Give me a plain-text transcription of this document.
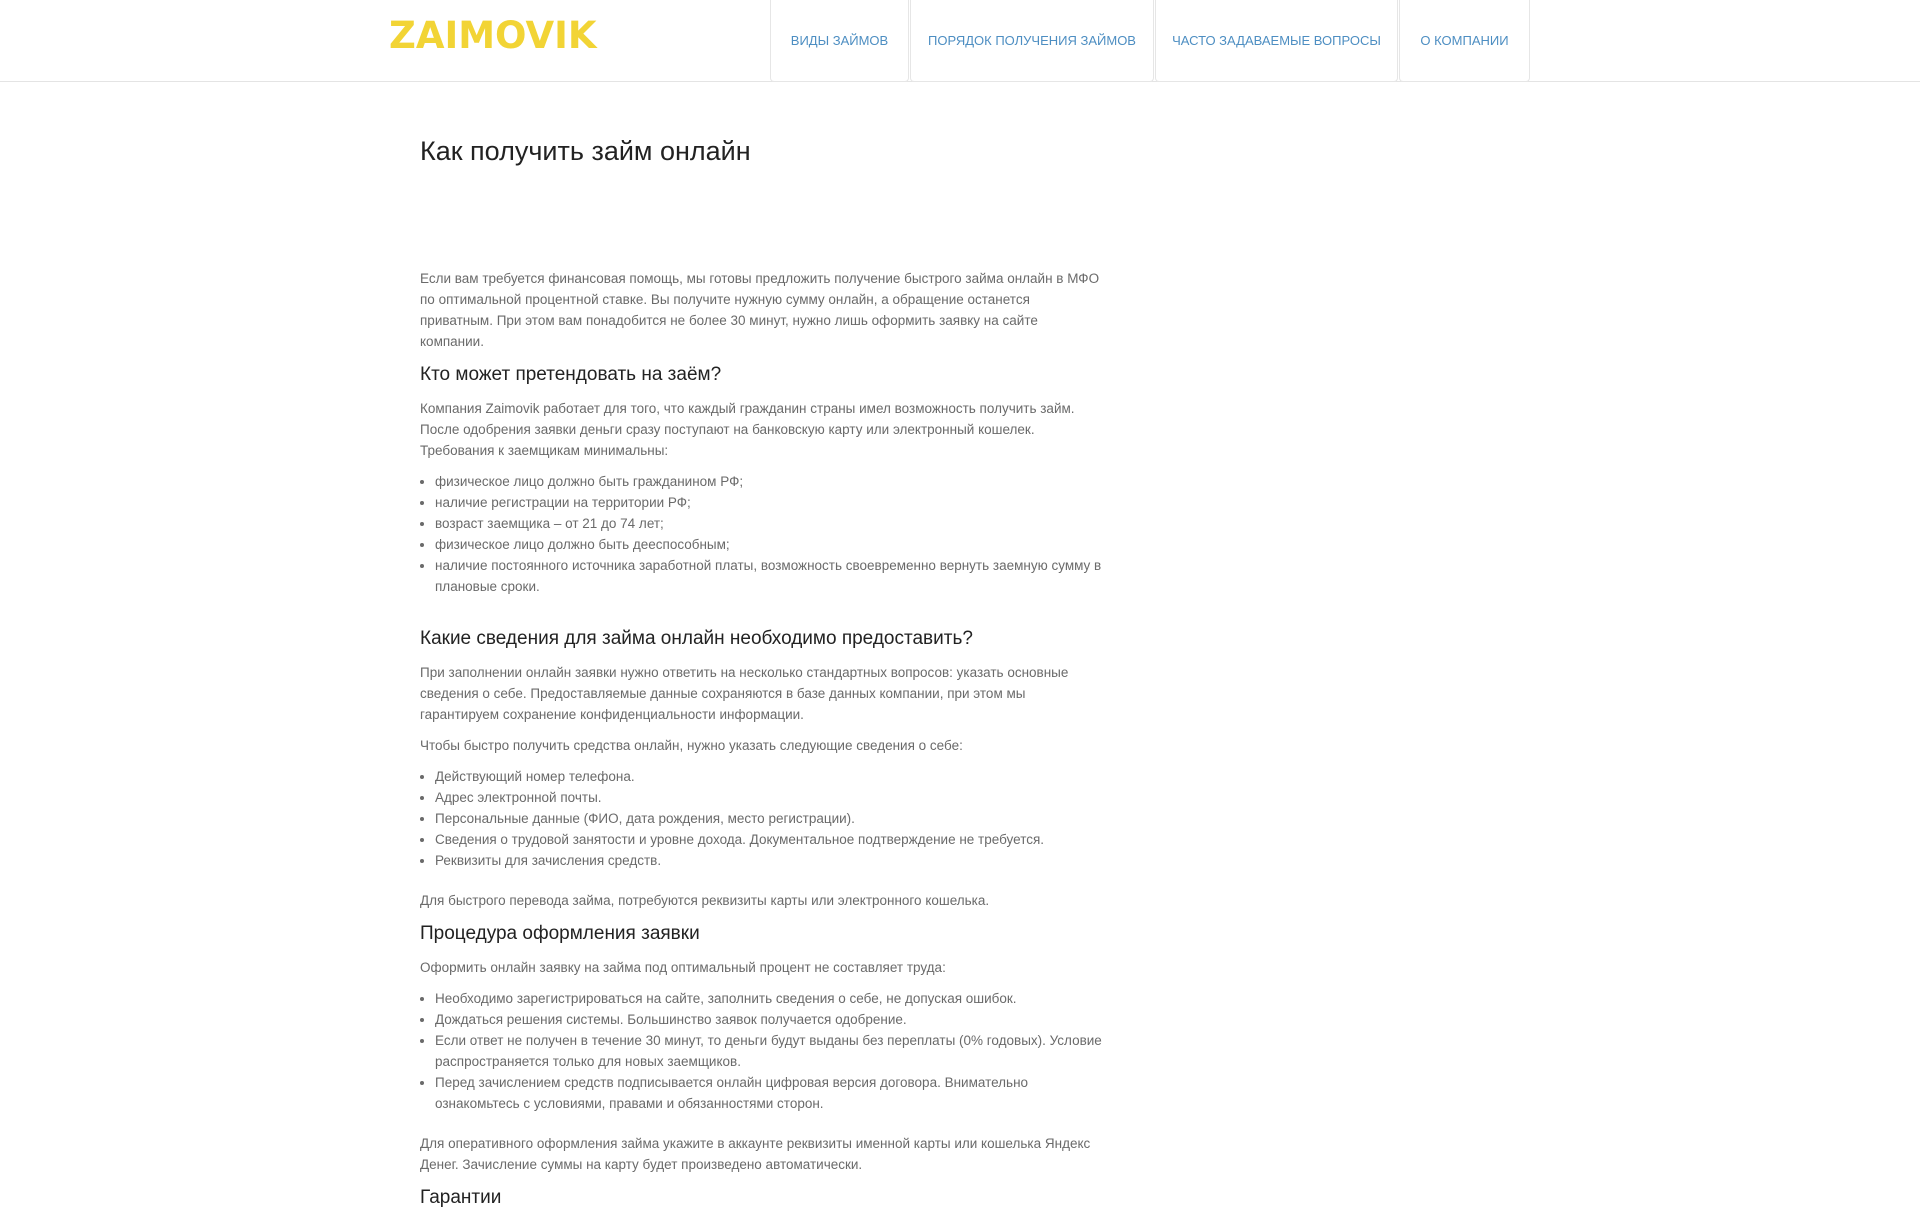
ZAIMOVIK	ВИДЫ ЗАЙМОВ	ПОРЯДОК ПОЛУЧЕНИЯ ЗАЙМОВ	ЧАСТО ЗАДАВАЕМЫЕ ВОПРОСЫ	О КОМПАНИИ
Как получить займ онлайн

Если вам требуется финансовая помощь, мы готовы предложить получение быстрого займа онлайн в МФО по оптимальной процентной ставке. Вы получите нужную сумму онлайн, а обращение останется приватным. При этом вам понадобится не более 30 минут, нужно лишь оформить заявку на сайте компании.

Кто может претендовать на заём?

Компания Zaimovik работает для того, что каждый гражданин страны имел возможность получить займ. После одобрения заявки деньги сразу поступают на банковскую карту или электронный кошелек. Требования к заемщикам минимальны:

• физическое лицо должно быть гражданином РФ;
• наличие регистрации на территории РФ;
• возраст заемщика – от 21 до 74 лет;
• физическое лицо должно быть дееспособным;
• наличие постоянного источника заработной платы, возможность своевременно вернуть заемную сумму в плановые сроки.
Какие сведения для займа онлайн необходимо предоставить?

При заполнении онлайн заявки нужно ответить на несколько стандартных вопросов: указать основные сведения о себе. Предоставляемые данные сохраняются в базе данных компании, при этом мы гарантируем сохранение конфиденциальности информации.

Чтобы быстро получить средства онлайн, нужно указать следующие сведения о себе:

• Действующий номер телефона.
• Адрес электронной почты.
• Персональные данные (ФИО, дата рождения, место регистрации).
• Сведения о трудовой занятости и уровне дохода. Документальное подтверждение не требуется.
• Реквизиты для зачисления средств.

Для быстрого перевода займа, потребуются реквизиты карты или электронного кошелька.

Процедура оформления заявки

Оформить онлайн заявку на займа под оптимальный процент не составляет труда:

• Необходимо зарегистрироваться на сайте, заполнить сведения о себе, не допуская ошибок.
• Дождаться решения системы. Большинство заявок получается одобрение.
• Если ответ не получен в течение 30 минут, то деньги будут выданы без переплаты (0% годовых). Условие распространяется только для новых заемщиков.
• Перед зачислением средств подписывается онлайн цифровая версия договора. Внимательно ознакомьтесь с условиями, правами и обязанностями сторон.

Для оперативного оформления займа укажите в аккаунте реквизиты именной карты или кошелька Яндекс Денег. Зачисление суммы на карту будет произведено автоматически.

Гарантии
